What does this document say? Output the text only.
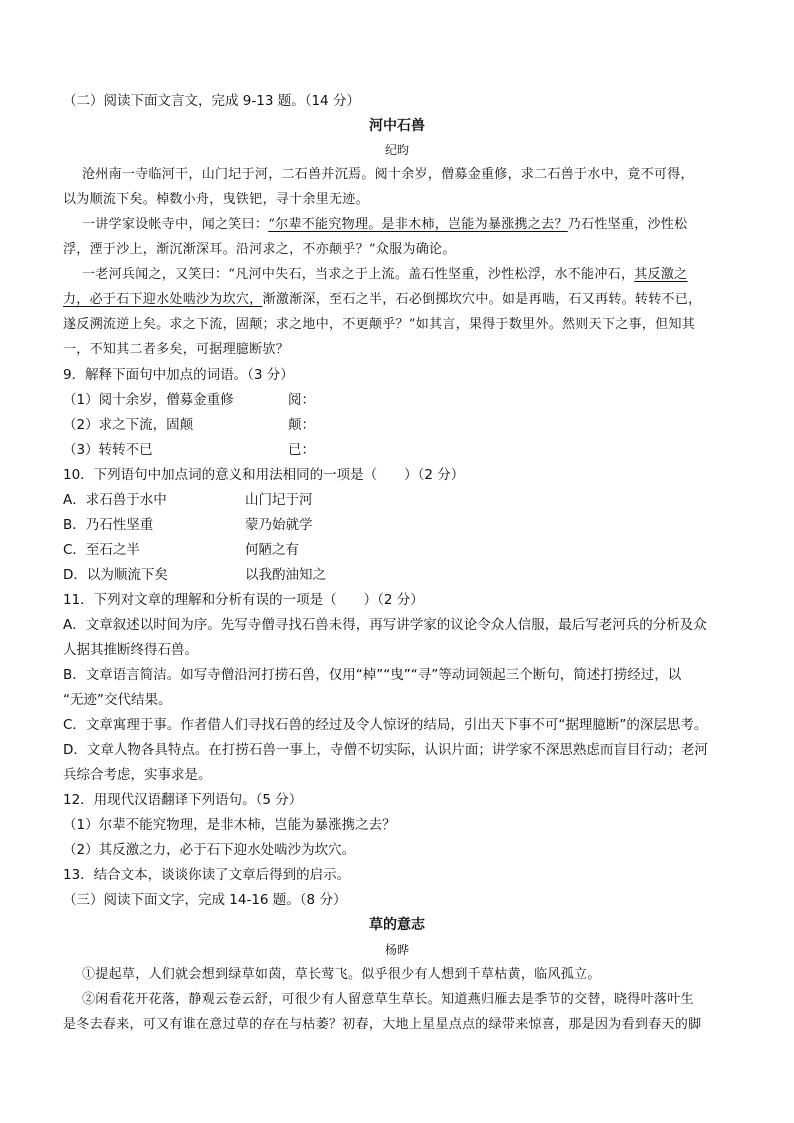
（二）阅读下面文言文，完成 9-13 题。（14 分）
河中石兽
纪昀
沧州南一寺临河干，山门圮于河，二石兽并沉焉。阅十余岁，僧募金重修，求二石兽于水中，竟不可得，
以为顺流下矣。棹数小舟，曳铁钯，寻十余里无迹。
一讲学家设帐寺中，闻之笑曰：“尔辈不能究物理。是非木柿，岂能为暴涨携之去？乃石性坚重，沙性松
浮，湮于沙上，渐沉渐深耳。沿河求之，不亦颠乎？”众服为确论。
一老河兵闻之，又笑曰：“凡河中失石，当求之于上流。盖石性坚重，沙性松浮，水不能冲石，其反激之
力，必于石下迎水处啮沙为坎穴，渐激渐深，至石之半，石必倒掷坎穴中。如是再啮，石又再转。转转不已，
遂反溯流逆上矣。求之下流，固颠；求之地中，不更颠乎？”如其言，果得于数里外。然则天下之事，但知其
一，不知其二者多矣，可据理臆断欤？
9．解释下面句中加点的词语。（3 分）
（1）阅十余岁，僧募金重修	阅：
（2）求之下流，固颠	颠：
（3）转转不已	已：
10．下列语句中加点词的意义和用法相同的一项是（　　）（2 分）
A．求石兽于水中	山门圮于河
B．乃石性坚重	蒙乃始就学
C．至石之半	何陋之有
D．以为顺流下矣	以我酌油知之
11．下列对文章的理解和分析有误的一项是（　　）（2 分）
A．文章叙述以时间为序。先写寺僧寻找石兽未得，再写讲学家的议论令众人信服，最后写老河兵的分析及众
人据其推断终得石兽。
B．文章语言简洁。如写寺僧沿河打捞石兽，仅用“棹”“曳”“寻”等动词领起三个断句，简述打捞经过，以
“无迹”交代结果。
C．文章寓理于事。作者借人们寻找石兽的经过及令人惊讶的结局，引出天下事不可“据理臆断”的深层思考。
D．文章人物各具特点。在打捞石兽一事上，寺僧不切实际，认识片面；讲学家不深思熟虑而盲目行动；老河
兵综合考虑，实事求是。
12．用现代汉语翻译下列语句。（5 分）
（1）尔辈不能究物理，是非木柿，岂能为暴涨携之去？
（2）其反激之力，必于石下迎水处啮沙为坎穴。
13．结合文本，谈谈你读了文章后得到的启示。
（三）阅读下面文字，完成 14-16 题。（8 分）
草的意志
杨晔
①提起草，人们就会想到绿草如茵，草长莺飞。似乎很少有人想到千草枯黄，临风孤立。
②闲看花开花落，静观云卷云舒，可很少有人留意草生草长。知道燕归雁去是季节的交替，晓得叶落叶生
是冬去春来，可又有谁在意过草的存在与枯萎？初春，大地上星星点点的绿带来惊喜，那是因为看到春天的脚
